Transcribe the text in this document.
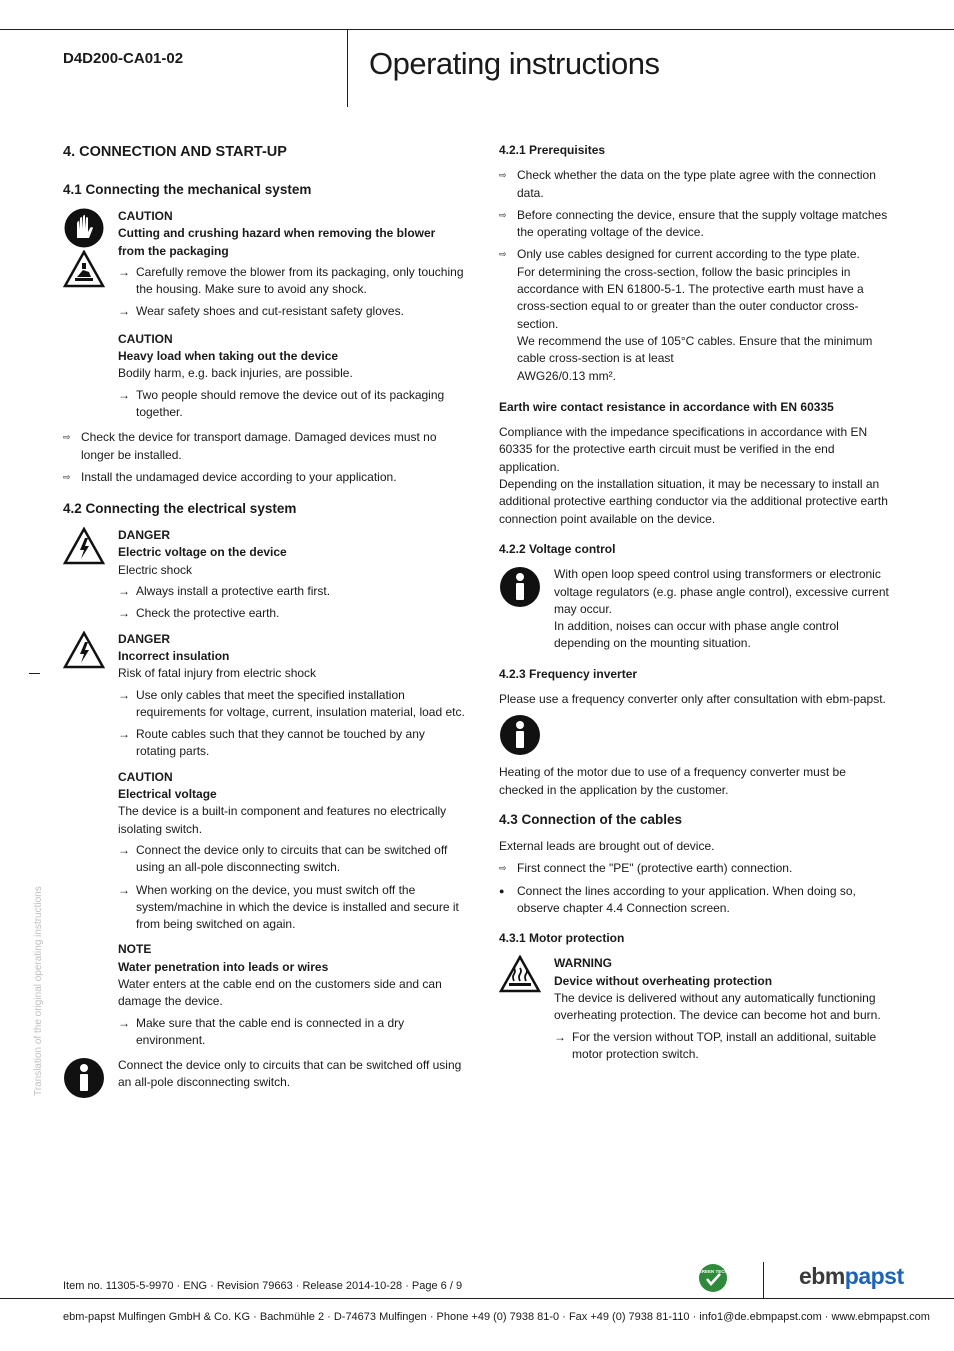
D4D200-CA01-02	Operating instructions
Translation of the original operating instructions
4. CONNECTION AND START-UP
4.1 Connecting the mechanical system
CAUTION
Cutting and crushing hazard when removing the blower from the packaging
→ Carefully remove the blower from its packaging, only touching the housing. Make sure to avoid any shock.
→ Wear safety shoes and cut-resistant safety gloves.
CAUTION
Heavy load when taking out the device
Bodily harm, e.g. back injuries, are possible.
→ Two people should remove the device out of its packaging together.
⇨ Check the device for transport damage. Damaged devices must no longer be installed.
⇨ Install the undamaged device according to your application.
4.2 Connecting the electrical system
DANGER
Electric voltage on the device
Electric shock
→ Always install a protective earth first.
→ Check the protective earth.
DANGER
Incorrect insulation
Risk of fatal injury from electric shock
→ Use only cables that meet the specified installation requirements for voltage, current, insulation material, load etc.
→ Route cables such that they cannot be touched by any rotating parts.
CAUTION
Electrical voltage
The device is a built-in component and features no electrically isolating switch.
→ Connect the device only to circuits that can be switched off using an all-pole disconnecting switch.
→ When working on the device, you must switch off the system/machine in which the device is installed and secure it from being switched on again.
NOTE
Water penetration into leads or wires
Water enters at the cable end on the customers side and can damage the device.
→ Make sure that the cable end is connected in a dry environment.
Connect the device only to circuits that can be switched off using an all-pole disconnecting switch.
4.2.1 Prerequisites
⇨ Check whether the data on the type plate agree with the connection data.
⇨ Before connecting the device, ensure that the supply voltage matches the operating voltage of the device.
⇨ Only use cables designed for current according to the type plate.
For determining the cross-section, follow the basic principles in accordance with EN 61800-5-1. The protective earth must have a cross-section equal to or greater than the outer conductor cross-section.
We recommend the use of 105°C cables. Ensure that the minimum cable cross-section is at least
AWG26/0.13 mm².
Earth wire contact resistance in accordance with EN 60335
Compliance with the impedance specifications in accordance with EN 60335 for the protective earth circuit must be verified in the end application.
Depending on the installation situation, it may be necessary to install an additional protective earthing conductor via the additional protective earth connection point available on the device.
4.2.2 Voltage control
With open loop speed control using transformers or electronic voltage regulators (e.g. phase angle control), excessive current may occur.
In addition, noises can occur with phase angle control depending on the mounting situation.
4.2.3 Frequency inverter
Please use a frequency converter only after consultation with ebm-papst.
Heating of the motor due to use of a frequency converter must be checked in the application by the customer.
4.3 Connection of the cables
External leads are brought out of device.
⇨ First connect the "PE" (protective earth) connection.
● Connect the lines according to your application. When doing so, observe chapter 4.4 Connection screen.
4.3.1 Motor protection
WARNING
Device without overheating protection
The device is delivered without any automatically functioning overheating protection. The device can become hot and burn.
→ For the version without TOP, install an additional, suitable motor protection switch.
Item no. 11305-5-9970 · ENG · Revision 79663 · Release 2014-10-28 · Page 6 / 9
GREEN TECH	ebmpapst
ebm-papst Mulfingen GmbH & Co. KG · Bachmühle 2 · D-74673 Mulfingen · Phone +49 (0) 7938 81-0 · Fax +49 (0) 7938 81-110 · info1@de.ebmpapst.com · www.ebmpapst.com
